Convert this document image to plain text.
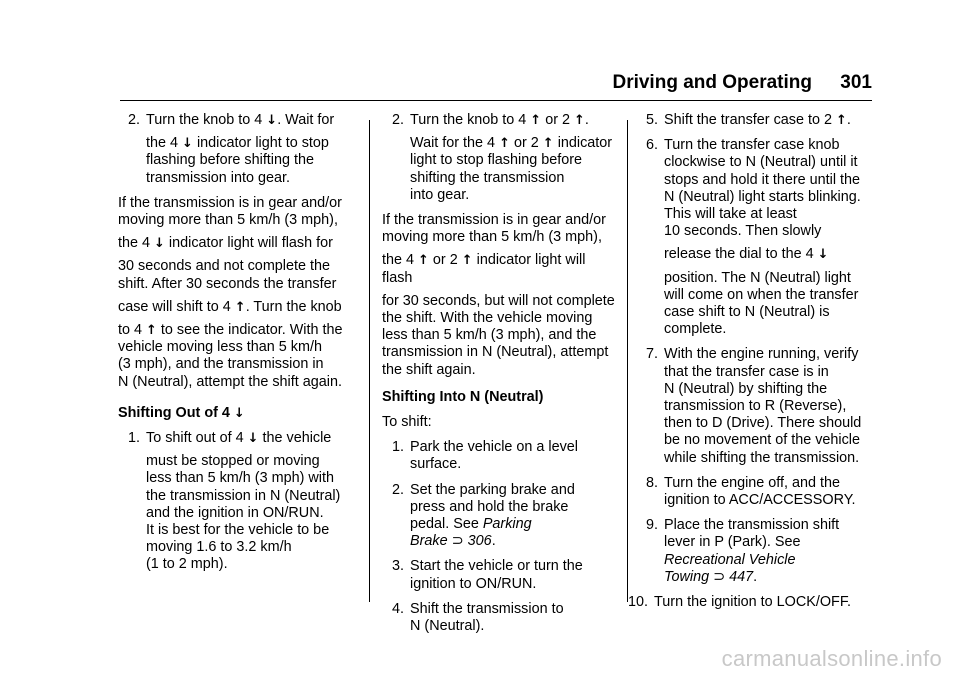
Driving and Operating 301
2. Turn the knob to 4 ↓. Wait for
the 4 ↓ indicator light to stop
flashing before shifting the
transmission into gear.
If the transmission is in gear and/or
moving more than 5 km/h (3 mph),
the 4 ↓ indicator light will flash for
30 seconds and not complete the
shift. After 30 seconds the transfer
case will shift to 4 ↑. Turn the knob
to 4 ↑ to see the indicator. With the
vehicle moving less than 5 km/h
(3 mph), and the transmission in
N (Neutral), attempt the shift again.
Shifting Out of 4 ↓
1. To shift out of 4 ↓ the vehicle
must be stopped or moving
less than 5 km/h (3 mph) with
the transmission in N (Neutral)
and the ignition in ON/RUN.
It is best for the vehicle to be
moving 1.6 to 3.2 km/h
(1 to 2 mph).
2. Turn the knob to 4 ↑ or 2 ↑.
Wait for the 4 ↑ or 2 ↑ indicator
light to stop flashing before
shifting the transmission
into gear.
If the transmission is in gear and/or
moving more than 5 km/h (3 mph),
the 4 ↑ or 2 ↑ indicator light will flash
for 30 seconds, but will not complete
the shift. With the vehicle moving
less than 5 km/h (3 mph), and the
transmission in N (Neutral), attempt
the shift again.
Shifting Into N (Neutral)
To shift:
1. Park the vehicle on a level
surface.
2. Set the parking brake and
press and hold the brake
pedal. See Parking
Brake ⊃ 306.
3. Start the vehicle or turn the
ignition to ON/RUN.
4. Shift the transmission to
N (Neutral).
5. Shift the transfer case to 2 ↑.
6. Turn the transfer case knob
clockwise to N (Neutral) until it
stops and hold it there until the
N (Neutral) light starts blinking.
This will take at least
10 seconds. Then slowly
release the dial to the 4 ↓
position. The N (Neutral) light
will come on when the transfer
case shift to N (Neutral) is
complete.
7. With the engine running, verify
that the transfer case is in
N (Neutral) by shifting the
transmission to R (Reverse),
then to D (Drive). There should
be no movement of the vehicle
while shifting the transmission.
8. Turn the engine off, and the
ignition to ACC/ACCESSORY.
9. Place the transmission shift
lever in P (Park). See
Recreational Vehicle
Towing ⊃ 447.
10. Turn the ignition to LOCK/OFF.
carmanualsonline.info
